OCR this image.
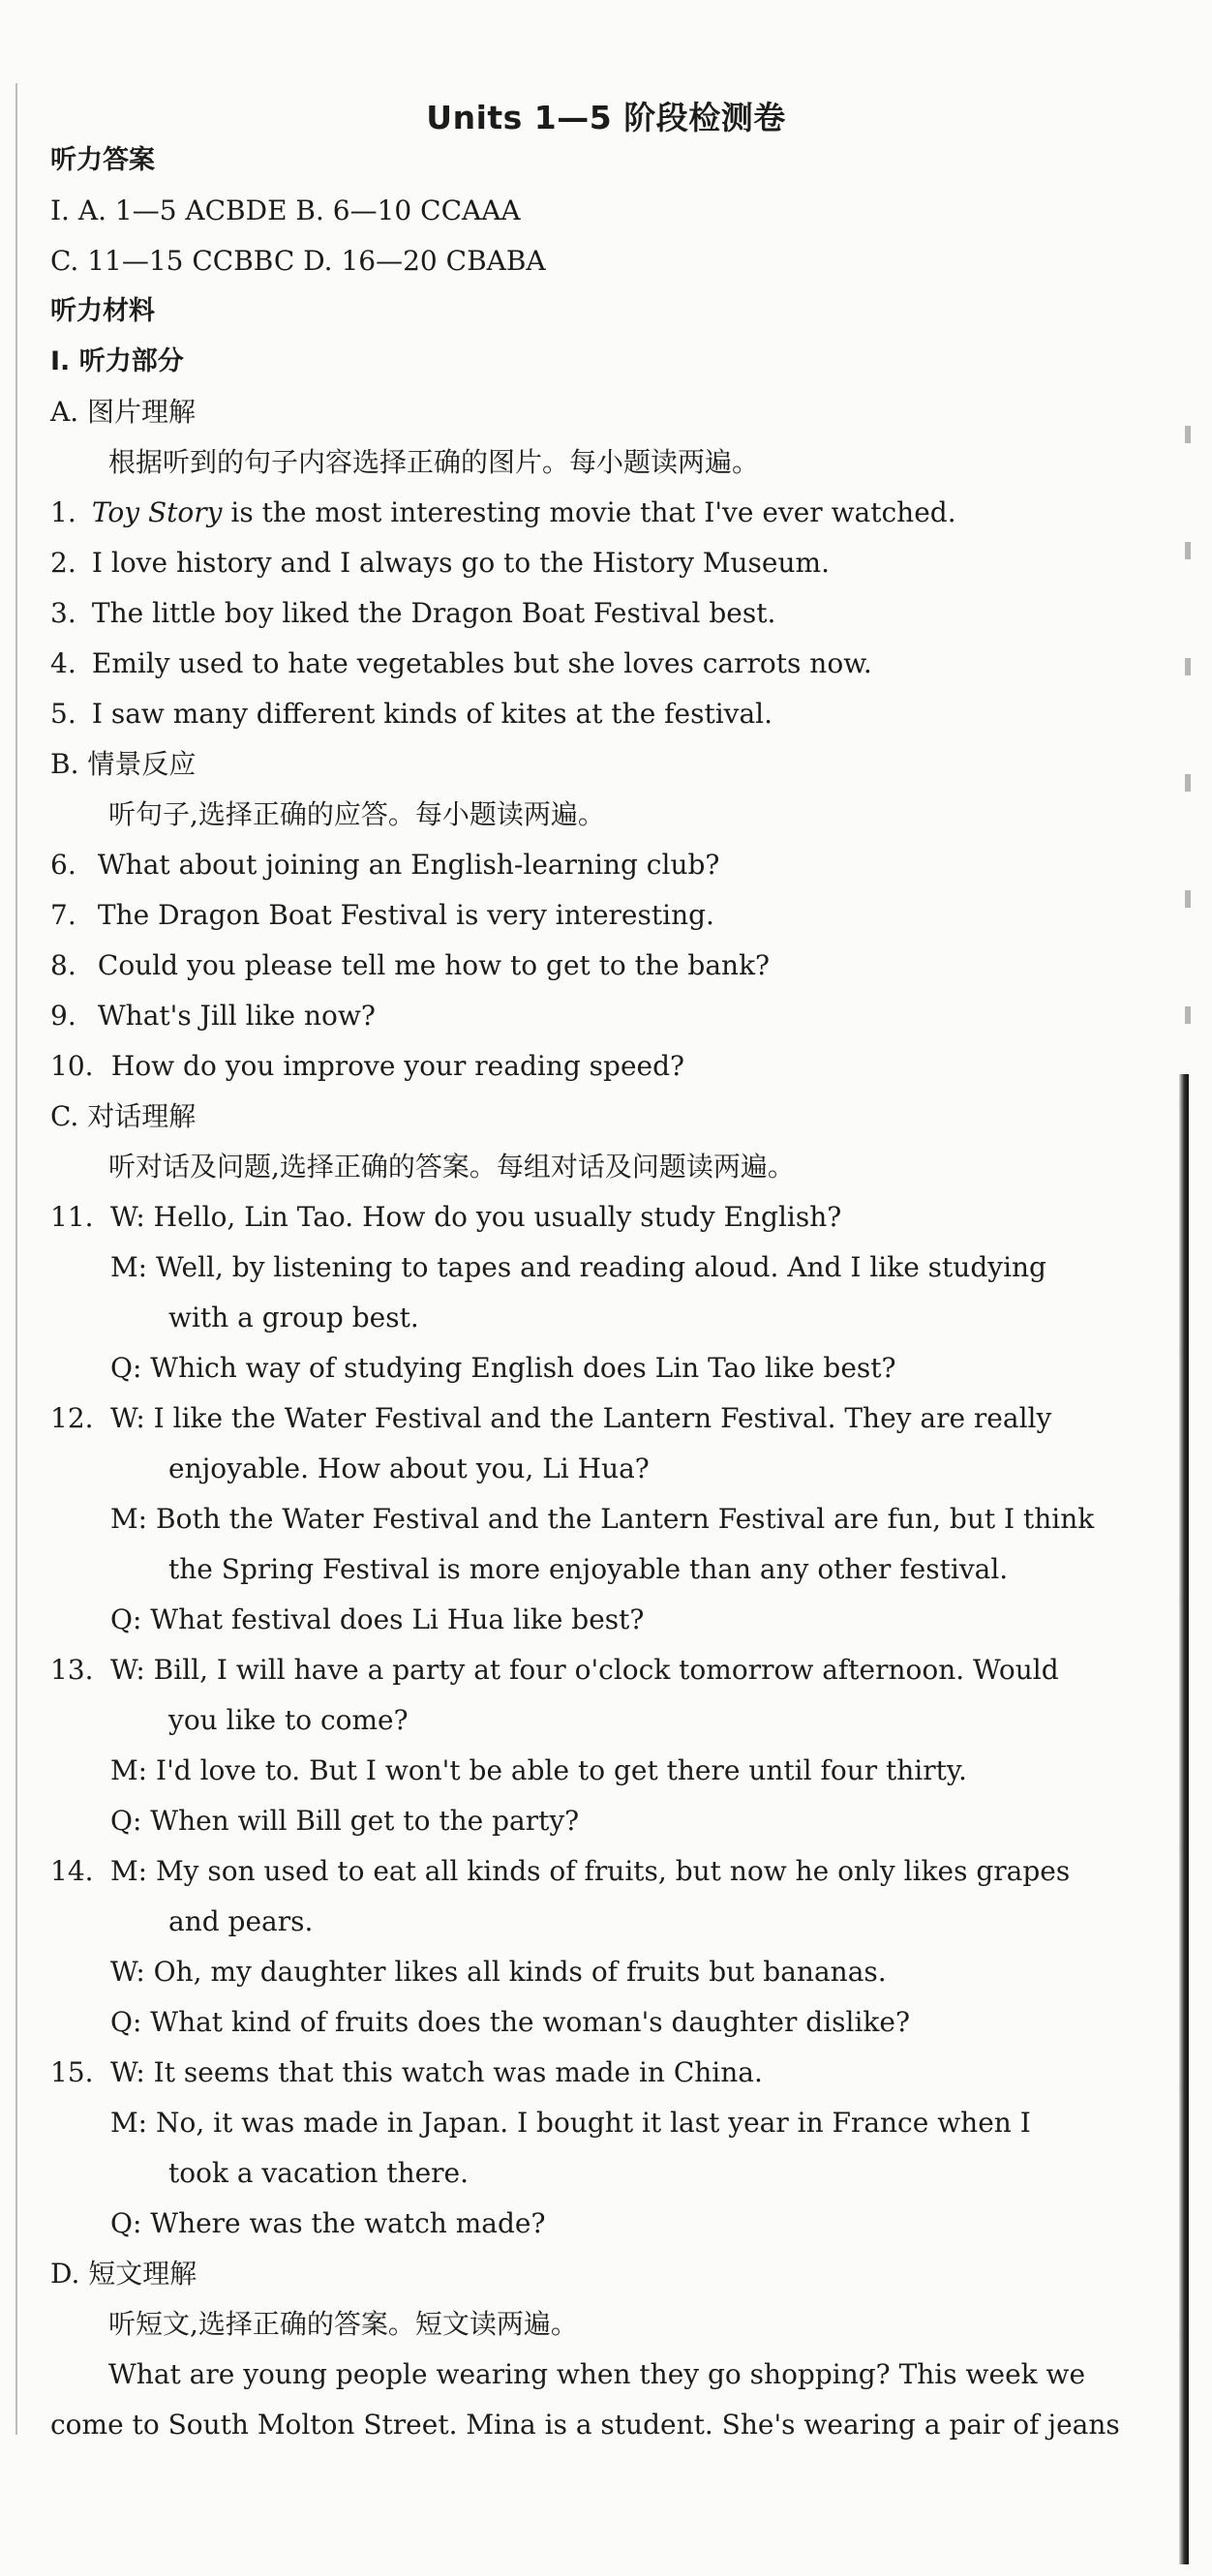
Units 1—5 阶段检测卷
听力答案
Ⅰ. A. 1—5 ACBDE B. 6—10 CCAAA
C. 11—15 CCBBC D. 16—20 CBABA
听力材料
Ⅰ. 听力部分
A. 图片理解
根据听到的句子内容选择正确的图片。每小题读两遍。
1. Toy Story is the most interesting movie that I've ever watched.
2. I love history and I always go to the History Museum.
3. The little boy liked the Dragon Boat Festival best.
4. Emily used to hate vegetables but she loves carrots now.
5. I saw many different kinds of kites at the festival.
B. 情景反应
听句子,选择正确的应答。每小题读两遍。
6. What about joining an English-learning club?
7. The Dragon Boat Festival is very interesting.
8. Could you please tell me how to get to the bank?
9. What's Jill like now?
10. How do you improve your reading speed?
C. 对话理解
听对话及问题,选择正确的答案。每组对话及问题读两遍。
11. W: Hello, Lin Tao. How do you usually study English?
M: Well, by listening to tapes and reading aloud. And I like studying
with a group best.
Q: Which way of studying English does Lin Tao like best?
12. W: I like the Water Festival and the Lantern Festival. They are really
enjoyable. How about you, Li Hua?
M: Both the Water Festival and the Lantern Festival are fun, but I think
the Spring Festival is more enjoyable than any other festival.
Q: What festival does Li Hua like best?
13. W: Bill, I will have a party at four o'clock tomorrow afternoon. Would
you like to come?
M: I'd love to. But I won't be able to get there until four thirty.
Q: When will Bill get to the party?
14. M: My son used to eat all kinds of fruits, but now he only likes grapes
and pears.
W: Oh, my daughter likes all kinds of fruits but bananas.
Q: What kind of fruits does the woman's daughter dislike?
15. W: It seems that this watch was made in China.
M: No, it was made in Japan. I bought it last year in France when I
took a vacation there.
Q: Where was the watch made?
D. 短文理解
听短文,选择正确的答案。短文读两遍。
What are young people wearing when they go shopping? This week we
come to South Molton Street. Mina is a student. She's wearing a pair of jeans
